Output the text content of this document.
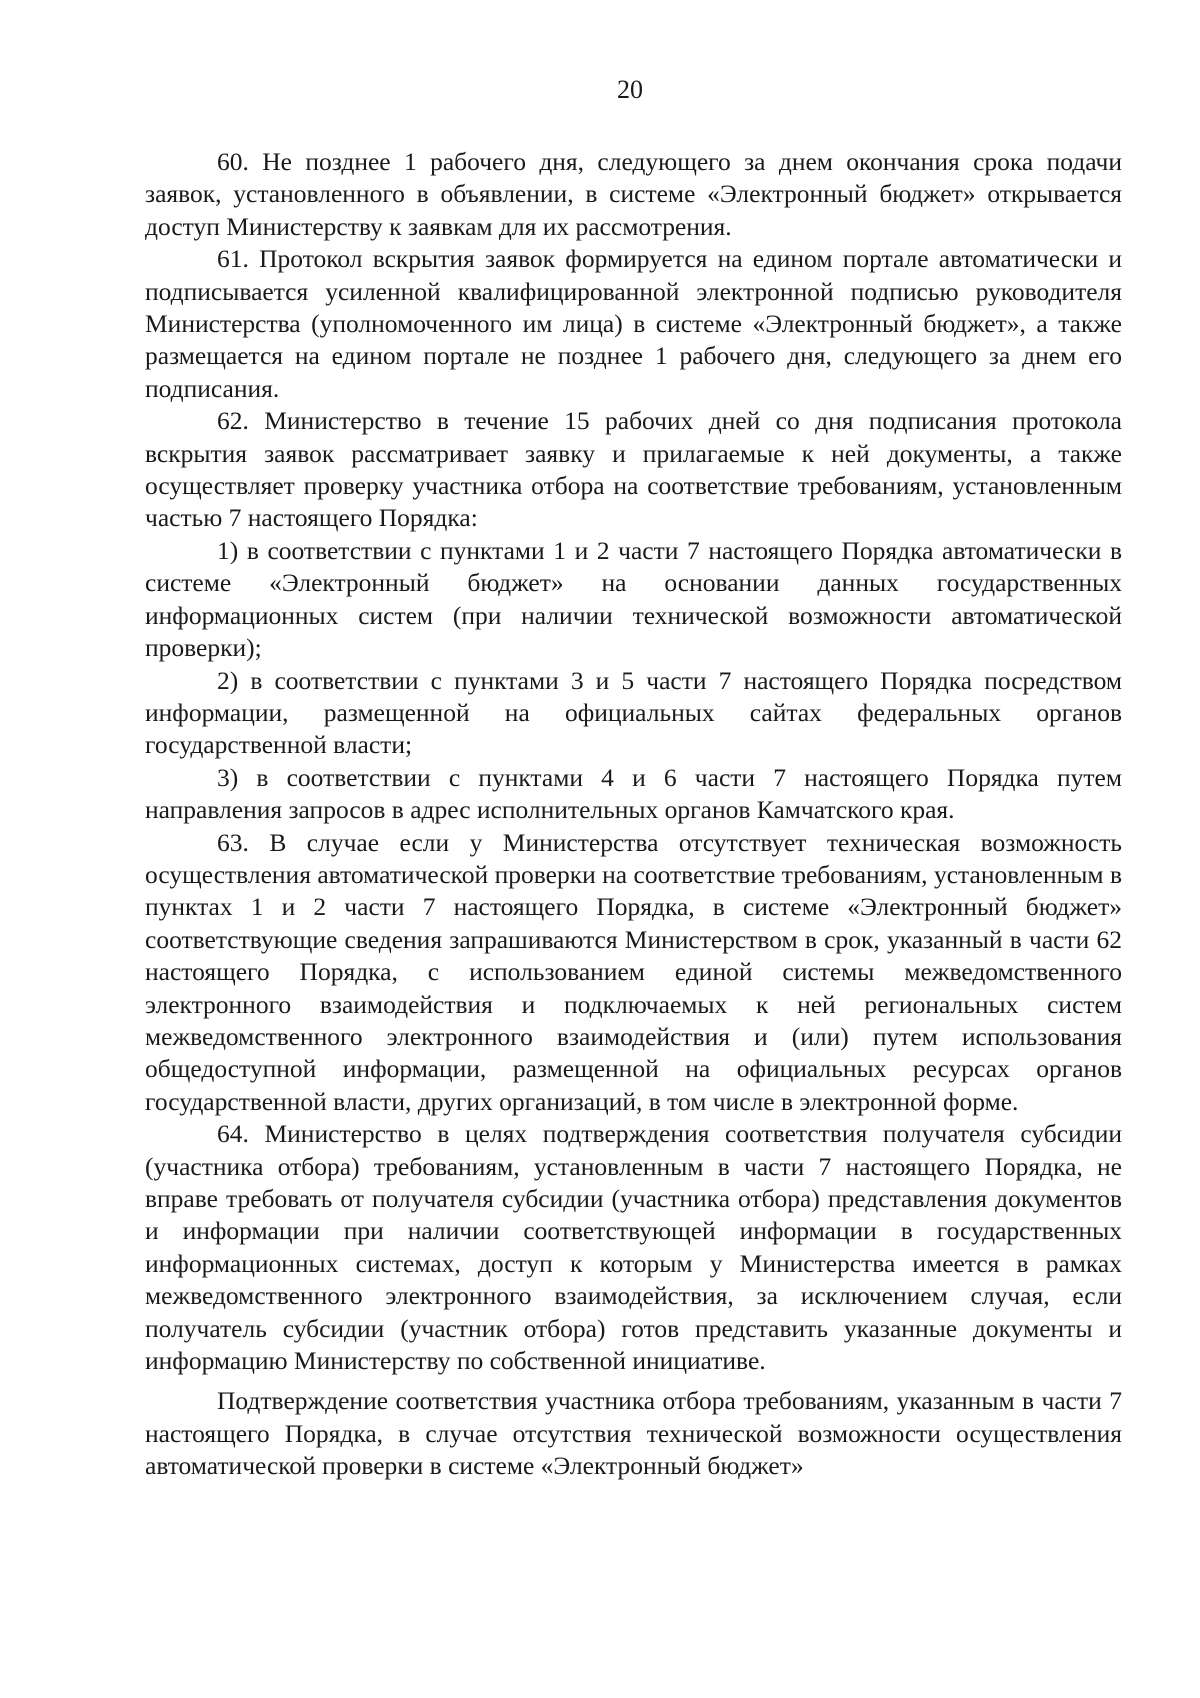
20

60. Не позднее 1 рабочего дня, следующего за днем окончания срока подачи заявок, установленного в объявлении, в системе «Электронный бюджет» открывается доступ Министерству к заявкам для их рассмотрения.

61. Протокол вскрытия заявок формируется на едином портале автоматически и подписывается усиленной квалифицированной электронной подписью руководителя Министерства (уполномоченного им лица) в системе «Электронный бюджет», а также размещается на едином портале не позднее 1 рабочего дня, следующего за днем его подписания.

62. Министерство в течение 15 рабочих дней со дня подписания протокола вскрытия заявок рассматривает заявку и прилагаемые к ней документы, а также осуществляет проверку участника отбора на соответствие требованиям, установленным частью 7 настоящего Порядка:

1) в соответствии с пунктами 1 и 2 части 7 настоящего Порядка автоматически в системе «Электронный бюджет» на основании данных государственных информационных систем (при наличии технической возможности автоматической проверки);

2) в соответствии с пунктами 3 и 5 части 7 настоящего Порядка посредством информации, размещенной на официальных сайтах федеральных органов государственной власти;

3) в соответствии с пунктами 4 и 6 части 7 настоящего Порядка путем направления запросов в адрес исполнительных органов Камчатского края.

63. В случае если у Министерства отсутствует техническая возможность осуществления автоматической проверки на соответствие требованиям, установленным в пунктах 1 и 2 части 7 настоящего Порядка, в системе «Электронный бюджет» соответствующие сведения запрашиваются Министерством в срок, указанный в части 62 настоящего Порядка, с использованием единой системы межведомственного электронного взаимодействия и подключаемых к ней региональных систем межведомственного электронного взаимодействия и (или) путем использования общедоступной информации, размещенной на официальных ресурсах органов государственной власти, других организаций, в том числе в электронной форме.

64. Министерство в целях подтверждения соответствия получателя субсидии (участника отбора) требованиям, установленным в части 7 настоящего Порядка, не вправе требовать от получателя субсидии (участника отбора) представления документов и информации при наличии соответствующей информации в государственных информационных системах, доступ к которым у Министерства имеется в рамках межведомственного электронного взаимодействия, за исключением случая, если получатель субсидии (участник отбора) готов представить указанные документы и информацию Министерству по собственной инициативе.

Подтверждение соответствия участника отбора требованиям, указанным в части 7 настоящего Порядка, в случае отсутствия технической возможности осуществления автоматической проверки в системе «Электронный бюджет»
